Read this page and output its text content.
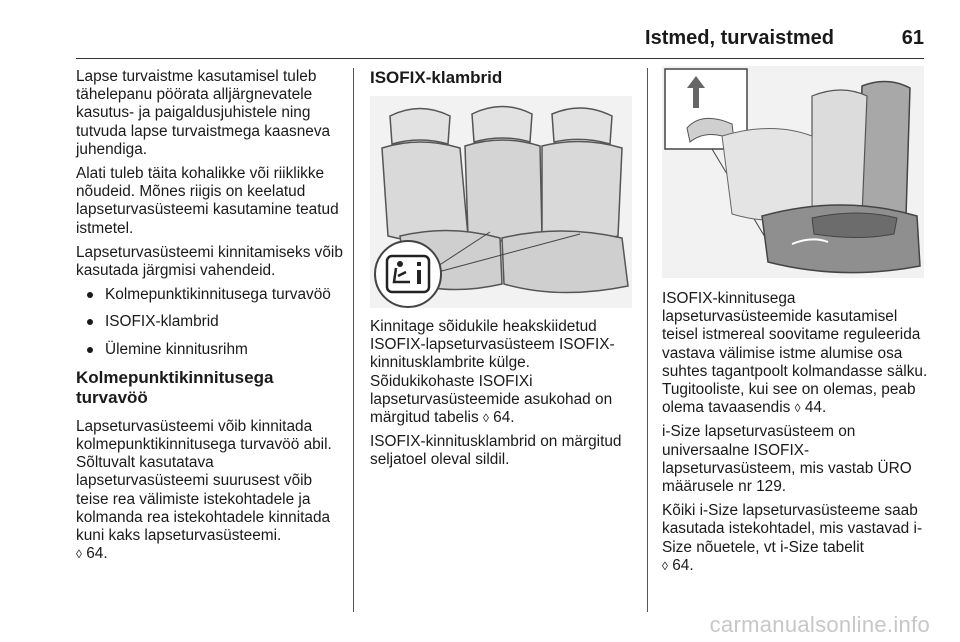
Istmed, turvaistmed	61

Lapse turvaistme kasutamisel tuleb tähelepanu pöörata alljärgnevatele kasutus- ja paigaldusjuhistele ning tutvuda lapse turvaistmega kaasneva juhendiga.

Alati tuleb täita kohalikke või riiklikke nõudeid. Mõnes riigis on keelatud lapseturvasüsteemi kasutamine teatud istmetel.

Lapseturvasüsteemi kinnitamiseks võib kasutada järgmisi vahendeid.

Kolmepunktikinnitusega turvavöö
ISOFIX-klambrid
Ülemine kinnitusrihm
Kolmepunktikinnitusega turvavöö

Lapseturvasüsteemi võib kinnitada kolmepunktikinnitusega turvavöö abil. Sõltuvalt kasutatava lapseturvasüsteemi suurusest võib teise rea välimiste istekohtadele ja kolmanda rea istekohtadele kinnitada kuni kaks lapseturvasüsteemi.
◊ 64.

ISOFIX-klambrid

Kinnitage sõidukile heakskiidetud ISOFIX-lapseturvasüsteem ISOFIX-kinnitusklambrite külge. Sõidukikohaste ISOFIXi lapseturvasüsteemide asukohad on märgitud tabelis ◊ 64.

ISOFIX-kinnitusklambrid on märgitud seljatoel oleval sildil.

ISOFIX-kinnitusega lapseturvasüsteemide kasutamisel teisel istmereal soovitame reguleerida vastava välimise istme alumise osa suhtes tagantpoolt kolmandasse sälku. Tugitooliste, kui see on olemas, peab olema tavaasendis ◊ 44.

i-Size lapseturvasüsteem on universaalne ISOFIX-lapseturvasüsteem, mis vastab ÜRO määrusele nr 129.

Kõiki i-Size lapseturvasüsteeme saab kasutada istekohtadel, mis vastavad i-Size nõuetele, vt i-Size tabelit
◊ 64.

carmanualsonline.info
